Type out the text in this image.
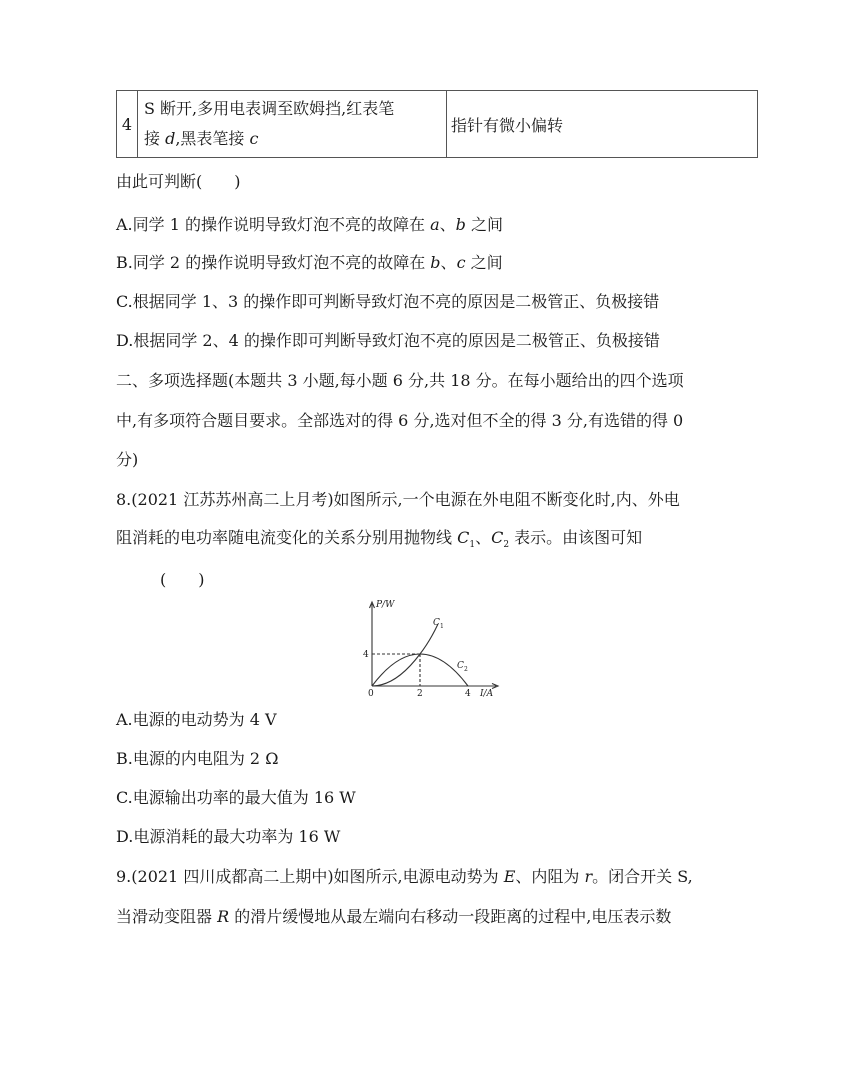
4	S 断开,多用电表调至欧姆挡,红表笔
接 d,黑表笔接 c	指针有微小偏转
由此可判断(　　)
A.同学 1 的操作说明导致灯泡不亮的故障在 a、b 之间
B.同学 2 的操作说明导致灯泡不亮的故障在 b、c 之间
C.根据同学 1、3 的操作即可判断导致灯泡不亮的原因是二极管正、负极接错
D.根据同学 2、4 的操作即可判断导致灯泡不亮的原因是二极管正、负极接错
二、多项选择题(本题共 3 小题,每小题 6 分,共 18 分。在每小题给出的四个选项
中,有多项符合题目要求。全部选对的得 6 分,选对但不全的得 3 分,有选错的得 0
分)
8.(2021 江苏苏州高二上月考)如图所示,一个电源在外电阻不断变化时,内、外电
阻消耗的电功率随电流变化的关系分别用抛物线 $C_1$、$C_2$ 表示。由该图可知
(　　)
P/W
I/A
4
0	2	4
C 1
C 2
A.电源的电动势为 4 V
B.电源的内电阻为 2 Ω
C.电源输出功率的最大值为 16 W
D.电源消耗的最大功率为 16 W
9.(2021 四川成都高二上期中)如图所示,电源电动势为 E、内阻为 r。闭合开关 S,
当滑动变阻器 R 的滑片缓慢地从最左端向右移动一段距离的过程中,电压表示数
